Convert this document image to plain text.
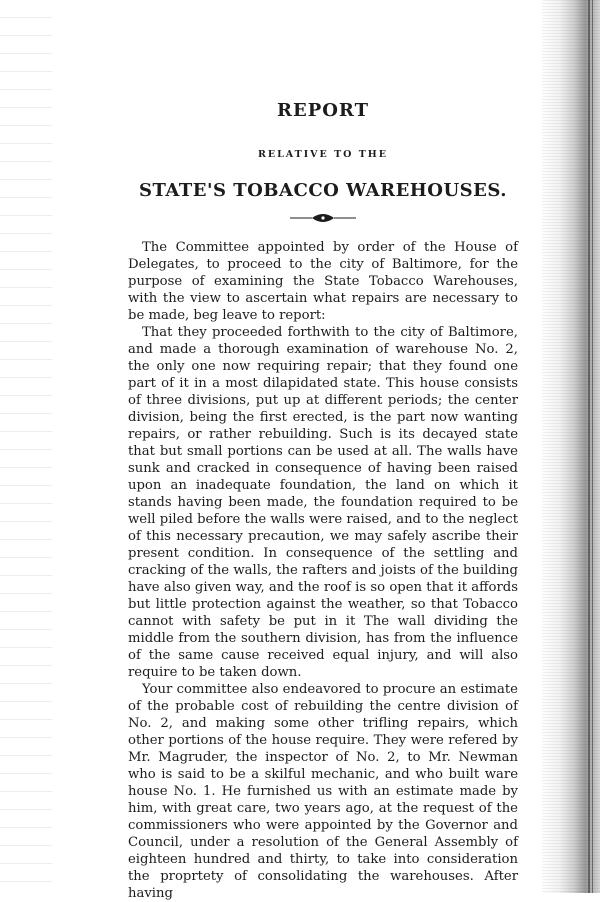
REPORT
RELATIVE TO THE
STATE'S TOBACCO WAREHOUSES.

The Committee appointed by order of the House of Delegates, to proceed to the city of Baltimore, for the purpose of examining the State Tobacco Warehouses, with the view to ascertain what repairs are necessary to be made, beg leave to report:

That they proceeded forthwith to the city of Baltimore, and made a thorough examination of warehouse No. 2, the only one now requiring repair; that they found one part of it in a most dilapidated state. This house consists of three divisions, put up at different periods; the center division, being the first erected, is the part now wanting repairs, or rather rebuilding. Such is its decayed state that but small portions can be used at all. The walls have sunk and cracked in consequence of having been raised upon an inadequate foundation, the land on which it stands having been made, the foundation required to be well piled before the walls were raised, and to the neglect of this necessary precaution, we may safely ascribe their present condition. In consequence of the settling and cracking of the walls, the rafters and joists of the building have also given way, and the roof is so open that it affords but little protection against the weather, so that Tobacco cannot with safety be put in it The wall dividing the middle from the southern division, has from the influence of the same cause received equal injury, and will also require to be taken down.

Your committee also endeavored to procure an estimate of the probable cost of rebuilding the centre division of No. 2, and making some other trifling repairs, which other portions of the house require. They were refered by Mr. Magruder, the inspector of No. 2, to Mr. Newman who is said to be a skilful mechanic, and who built ware house No. 1. He furnished us with an estimate made by him, with great care, two years ago, at the request of the commissioners who were appointed by the Governor and Council, under a resolution of the General Assembly of eighteen hundred and thirty, to take into consideration the proprtety of consolidating the warehouses. After having
